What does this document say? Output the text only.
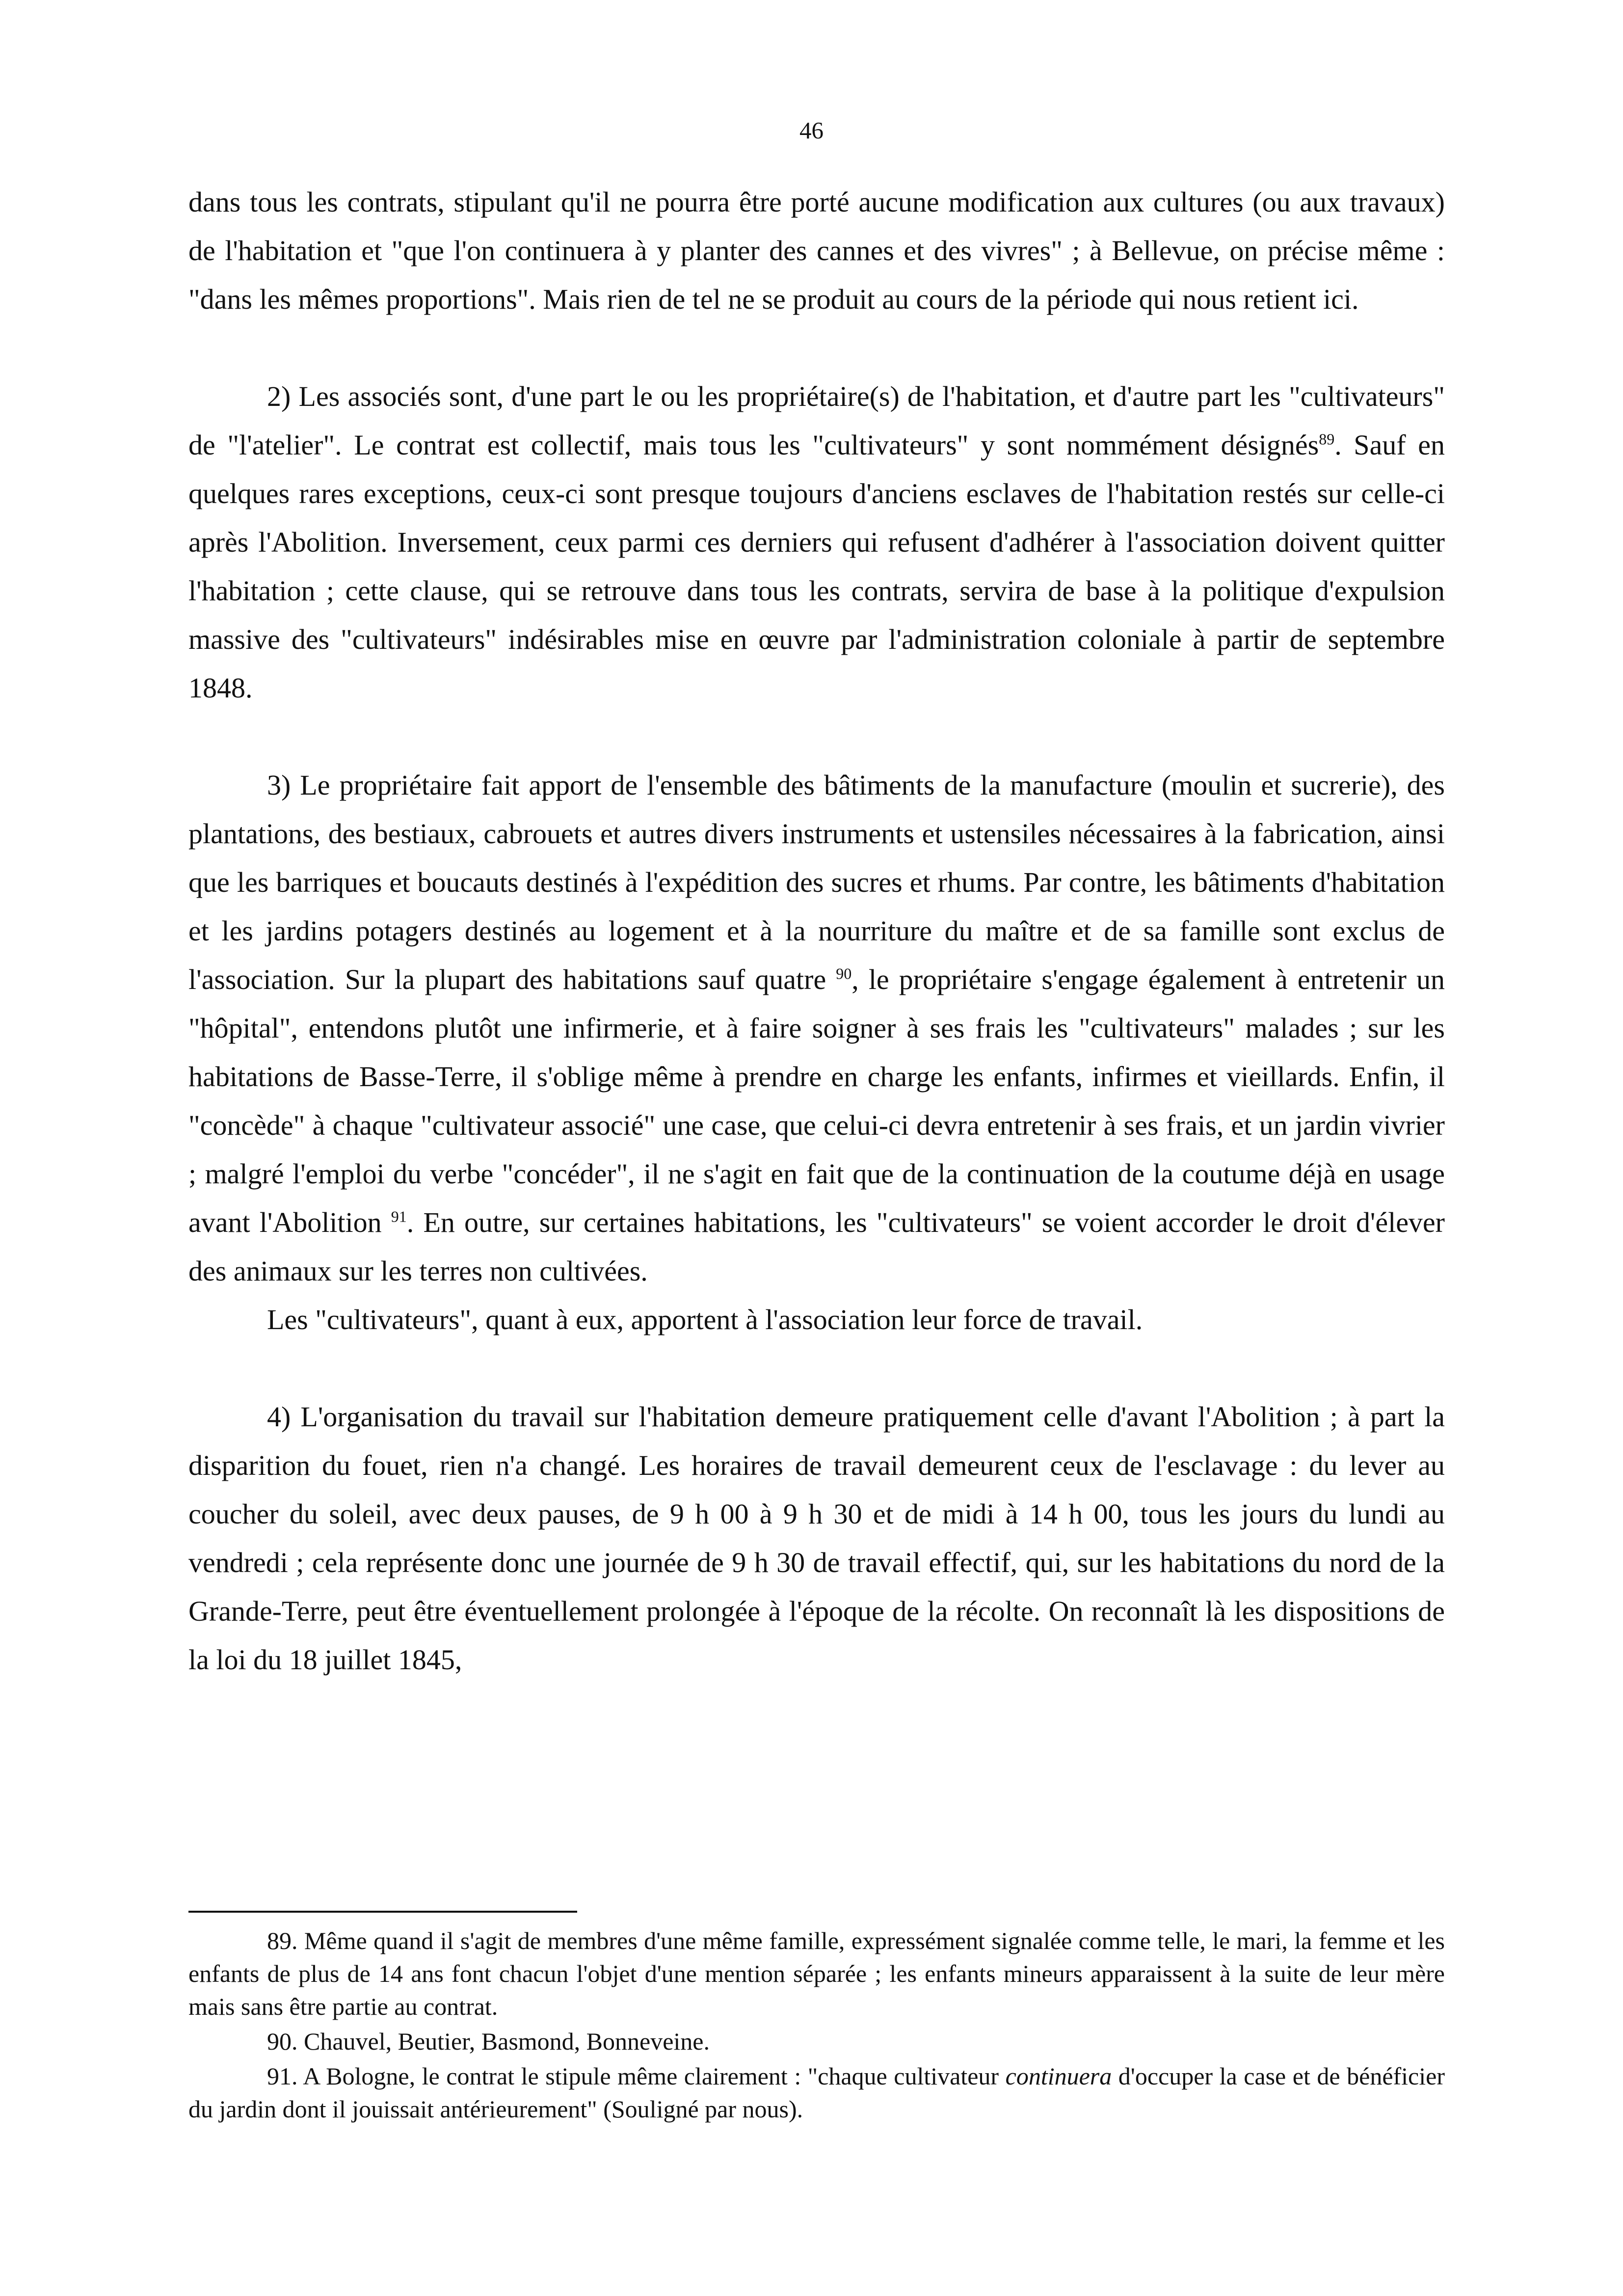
46

dans tous les contrats, stipulant qu'il ne pourra être porté aucune modification aux cultures (ou aux travaux) de l'habitation et "que l'on continuera à y planter des cannes et des vivres" ; à Bellevue, on précise même : "dans les mêmes proportions". Mais rien de tel ne se produit au cours de la période qui nous retient ici.

2) Les associés sont, d'une part le ou les propriétaire(s) de l'habitation, et d'autre part les "cultivateurs" de "l'atelier". Le contrat est collectif, mais tous les "cultivateurs" y sont nommément désignés$^{89}$. Sauf en quelques rares exceptions, ceux-ci sont presque toujours d'anciens esclaves de l'habitation restés sur celle-ci après l'Abolition. Inversement, ceux parmi ces derniers qui refusent d'adhérer à l'association doivent quitter l'habitation ; cette clause, qui se retrouve dans tous les contrats, servira de base à la politique d'expulsion massive des "cultivateurs" indésirables mise en œuvre par l'administration coloniale à partir de septembre 1848.

3) Le propriétaire fait apport de l'ensemble des bâtiments de la manufacture (moulin et sucrerie), des plantations, des bestiaux, cabrouets et autres divers instruments et ustensiles nécessaires à la fabrication, ainsi que les barriques et boucauts destinés à l'expédition des sucres et rhums. Par contre, les bâtiments d'habitation et les jardins potagers destinés au logement et à la nourriture du maître et de sa famille sont exclus de l'association. Sur la plupart des habitations sauf quatre $^{90}$, le propriétaire s'engage également à entretenir un "hôpital", entendons plutôt une infirmerie, et à faire soigner à ses frais les "cultivateurs" malades ; sur les habitations de Basse-Terre, il s'oblige même à prendre en charge les enfants, infirmes et vieillards. Enfin, il "concède" à chaque "cultivateur associé" une case, que celui-ci devra entretenir à ses frais, et un jardin vivrier ; malgré l'emploi du verbe "concéder", il ne s'agit en fait que de la continuation de la coutume déjà en usage avant l'Abolition $^{91}$. En outre, sur certaines habitations, les "cultivateurs" se voient accorder le droit d'élever des animaux sur les terres non cultivées.

Les "cultivateurs", quant à eux, apportent à l'association leur force de travail.

4) L'organisation du travail sur l'habitation demeure pratiquement celle d'avant l'Abolition ; à part la disparition du fouet, rien n'a changé. Les horaires de travail demeurent ceux de l'esclavage : du lever au coucher du soleil, avec deux pauses, de 9 h 00 à 9 h 30 et de midi à 14 h 00, tous les jours du lundi au vendredi ; cela représente donc une journée de 9 h 30 de travail effectif, qui, sur les habitations du nord de la Grande-Terre, peut être éventuellement prolongée à l'époque de la récolte. On reconnaît là les dispositions de la loi du 18 juillet 1845,

89. Même quand il s'agit de membres d'une même famille, expressément signalée comme telle, le mari, la femme et les enfants de plus de 14 ans font chacun l'objet d'une mention séparée ; les enfants mineurs apparaissent à la suite de leur mère mais sans être partie au contrat.

90. Chauvel, Beutier, Basmond, Bonneveine.

91. A Bologne, le contrat le stipule même clairement : "chaque cultivateur continuera d'occuper la case et de bénéficier du jardin dont il jouissait antérieurement" (Souligné par nous).
